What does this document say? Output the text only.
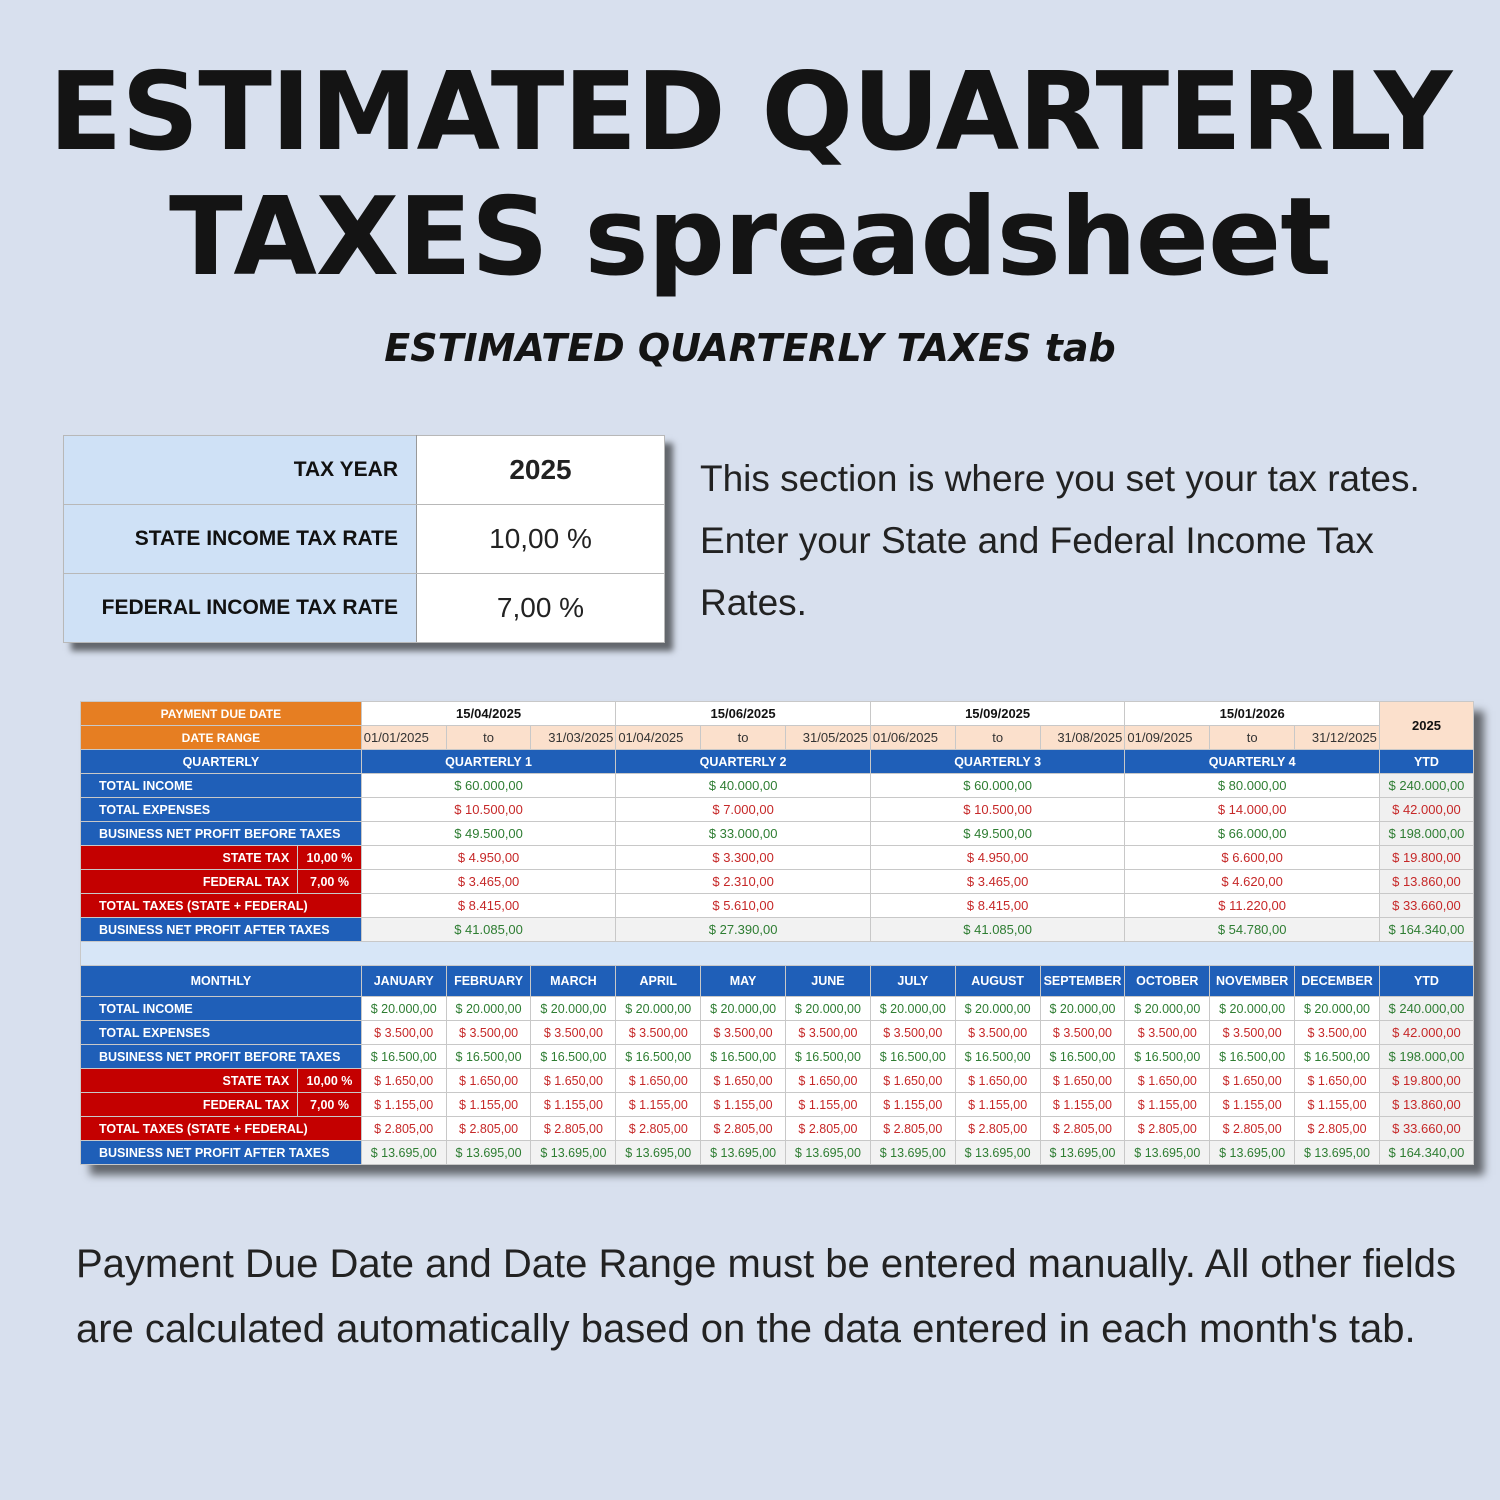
ESTIMATED QUARTERLY
TAXES spreadsheet
ESTIMATED QUARTERLY TAXES tab
TAX YEAR	2025
STATE INCOME TAX RATE	10,00 %
FEDERAL INCOME TAX RATE	7,00 %
This section is where you set your tax rates. Enter your State and Federal Income Tax Rates.
PAYMENT DUE DATE		15/04/2025			15/06/2025			15/09/2025			15/01/2026			2025
DATE RANGE		01/01/2025	to	31/03/2025	01/04/2025	to	31/05/2025	01/06/2025	to	31/08/2025	01/09/2025	to	31/12/2025	
QUARTERLY		QUARTERLY 1			QUARTERLY 2			QUARTERLY 3			QUARTERLY 4			YTD
TOTAL INCOME		$ 60.000,00			$ 40.000,00			$ 60.000,00			$ 80.000,00			$ 240.000,00
TOTAL EXPENSES		$ 10.500,00			$ 7.000,00			$ 10.500,00			$ 14.000,00			$ 42.000,00
BUSINESS NET PROFIT BEFORE TAXES		$ 49.500,00			$ 33.000,00			$ 49.500,00			$ 66.000,00			$ 198.000,00
STATE TAX	10,00 %	$ 4.950,00			$ 3.300,00			$ 4.950,00			$ 6.600,00			$ 19.800,00
FEDERAL TAX	7,00 %	$ 3.465,00			$ 2.310,00			$ 3.465,00			$ 4.620,00			$ 13.860,00
TOTAL TAXES (STATE + FEDERAL)		$ 8.415,00			$ 5.610,00			$ 8.415,00			$ 11.220,00			$ 33.660,00
BUSINESS NET PROFIT AFTER TAXES		$ 41.085,00			$ 27.390,00			$ 41.085,00			$ 54.780,00			$ 164.340,00

MONTHLY		JANUARY	FEBRUARY	MARCH	APRIL	MAY	JUNE	JULY	AUGUST	SEPTEMBER	OCTOBER	NOVEMBER	DECEMBER	YTD
TOTAL INCOME		$ 20.000,00	$ 20.000,00	$ 20.000,00	$ 20.000,00	$ 20.000,00	$ 20.000,00	$ 20.000,00	$ 20.000,00	$ 20.000,00	$ 20.000,00	$ 20.000,00	$ 20.000,00	$ 240.000,00
TOTAL EXPENSES		$ 3.500,00	$ 3.500,00	$ 3.500,00	$ 3.500,00	$ 3.500,00	$ 3.500,00	$ 3.500,00	$ 3.500,00	$ 3.500,00	$ 3.500,00	$ 3.500,00	$ 3.500,00	$ 42.000,00
BUSINESS NET PROFIT BEFORE TAXES		$ 16.500,00	$ 16.500,00	$ 16.500,00	$ 16.500,00	$ 16.500,00	$ 16.500,00	$ 16.500,00	$ 16.500,00	$ 16.500,00	$ 16.500,00	$ 16.500,00	$ 16.500,00	$ 198.000,00
STATE TAX	10,00 %	$ 1.650,00	$ 1.650,00	$ 1.650,00	$ 1.650,00	$ 1.650,00	$ 1.650,00	$ 1.650,00	$ 1.650,00	$ 1.650,00	$ 1.650,00	$ 1.650,00	$ 1.650,00	$ 19.800,00
FEDERAL TAX	7,00 %	$ 1.155,00	$ 1.155,00	$ 1.155,00	$ 1.155,00	$ 1.155,00	$ 1.155,00	$ 1.155,00	$ 1.155,00	$ 1.155,00	$ 1.155,00	$ 1.155,00	$ 1.155,00	$ 13.860,00
TOTAL TAXES (STATE + FEDERAL)		$ 2.805,00	$ 2.805,00	$ 2.805,00	$ 2.805,00	$ 2.805,00	$ 2.805,00	$ 2.805,00	$ 2.805,00	$ 2.805,00	$ 2.805,00	$ 2.805,00	$ 2.805,00	$ 33.660,00
BUSINESS NET PROFIT AFTER TAXES		$ 13.695,00	$ 13.695,00	$ 13.695,00	$ 13.695,00	$ 13.695,00	$ 13.695,00	$ 13.695,00	$ 13.695,00	$ 13.695,00	$ 13.695,00	$ 13.695,00	$ 13.695,00	$ 164.340,00
Payment Due Date and Date Range must be entered manually. All other fields are calculated automatically based on the data entered in each month's tab.
